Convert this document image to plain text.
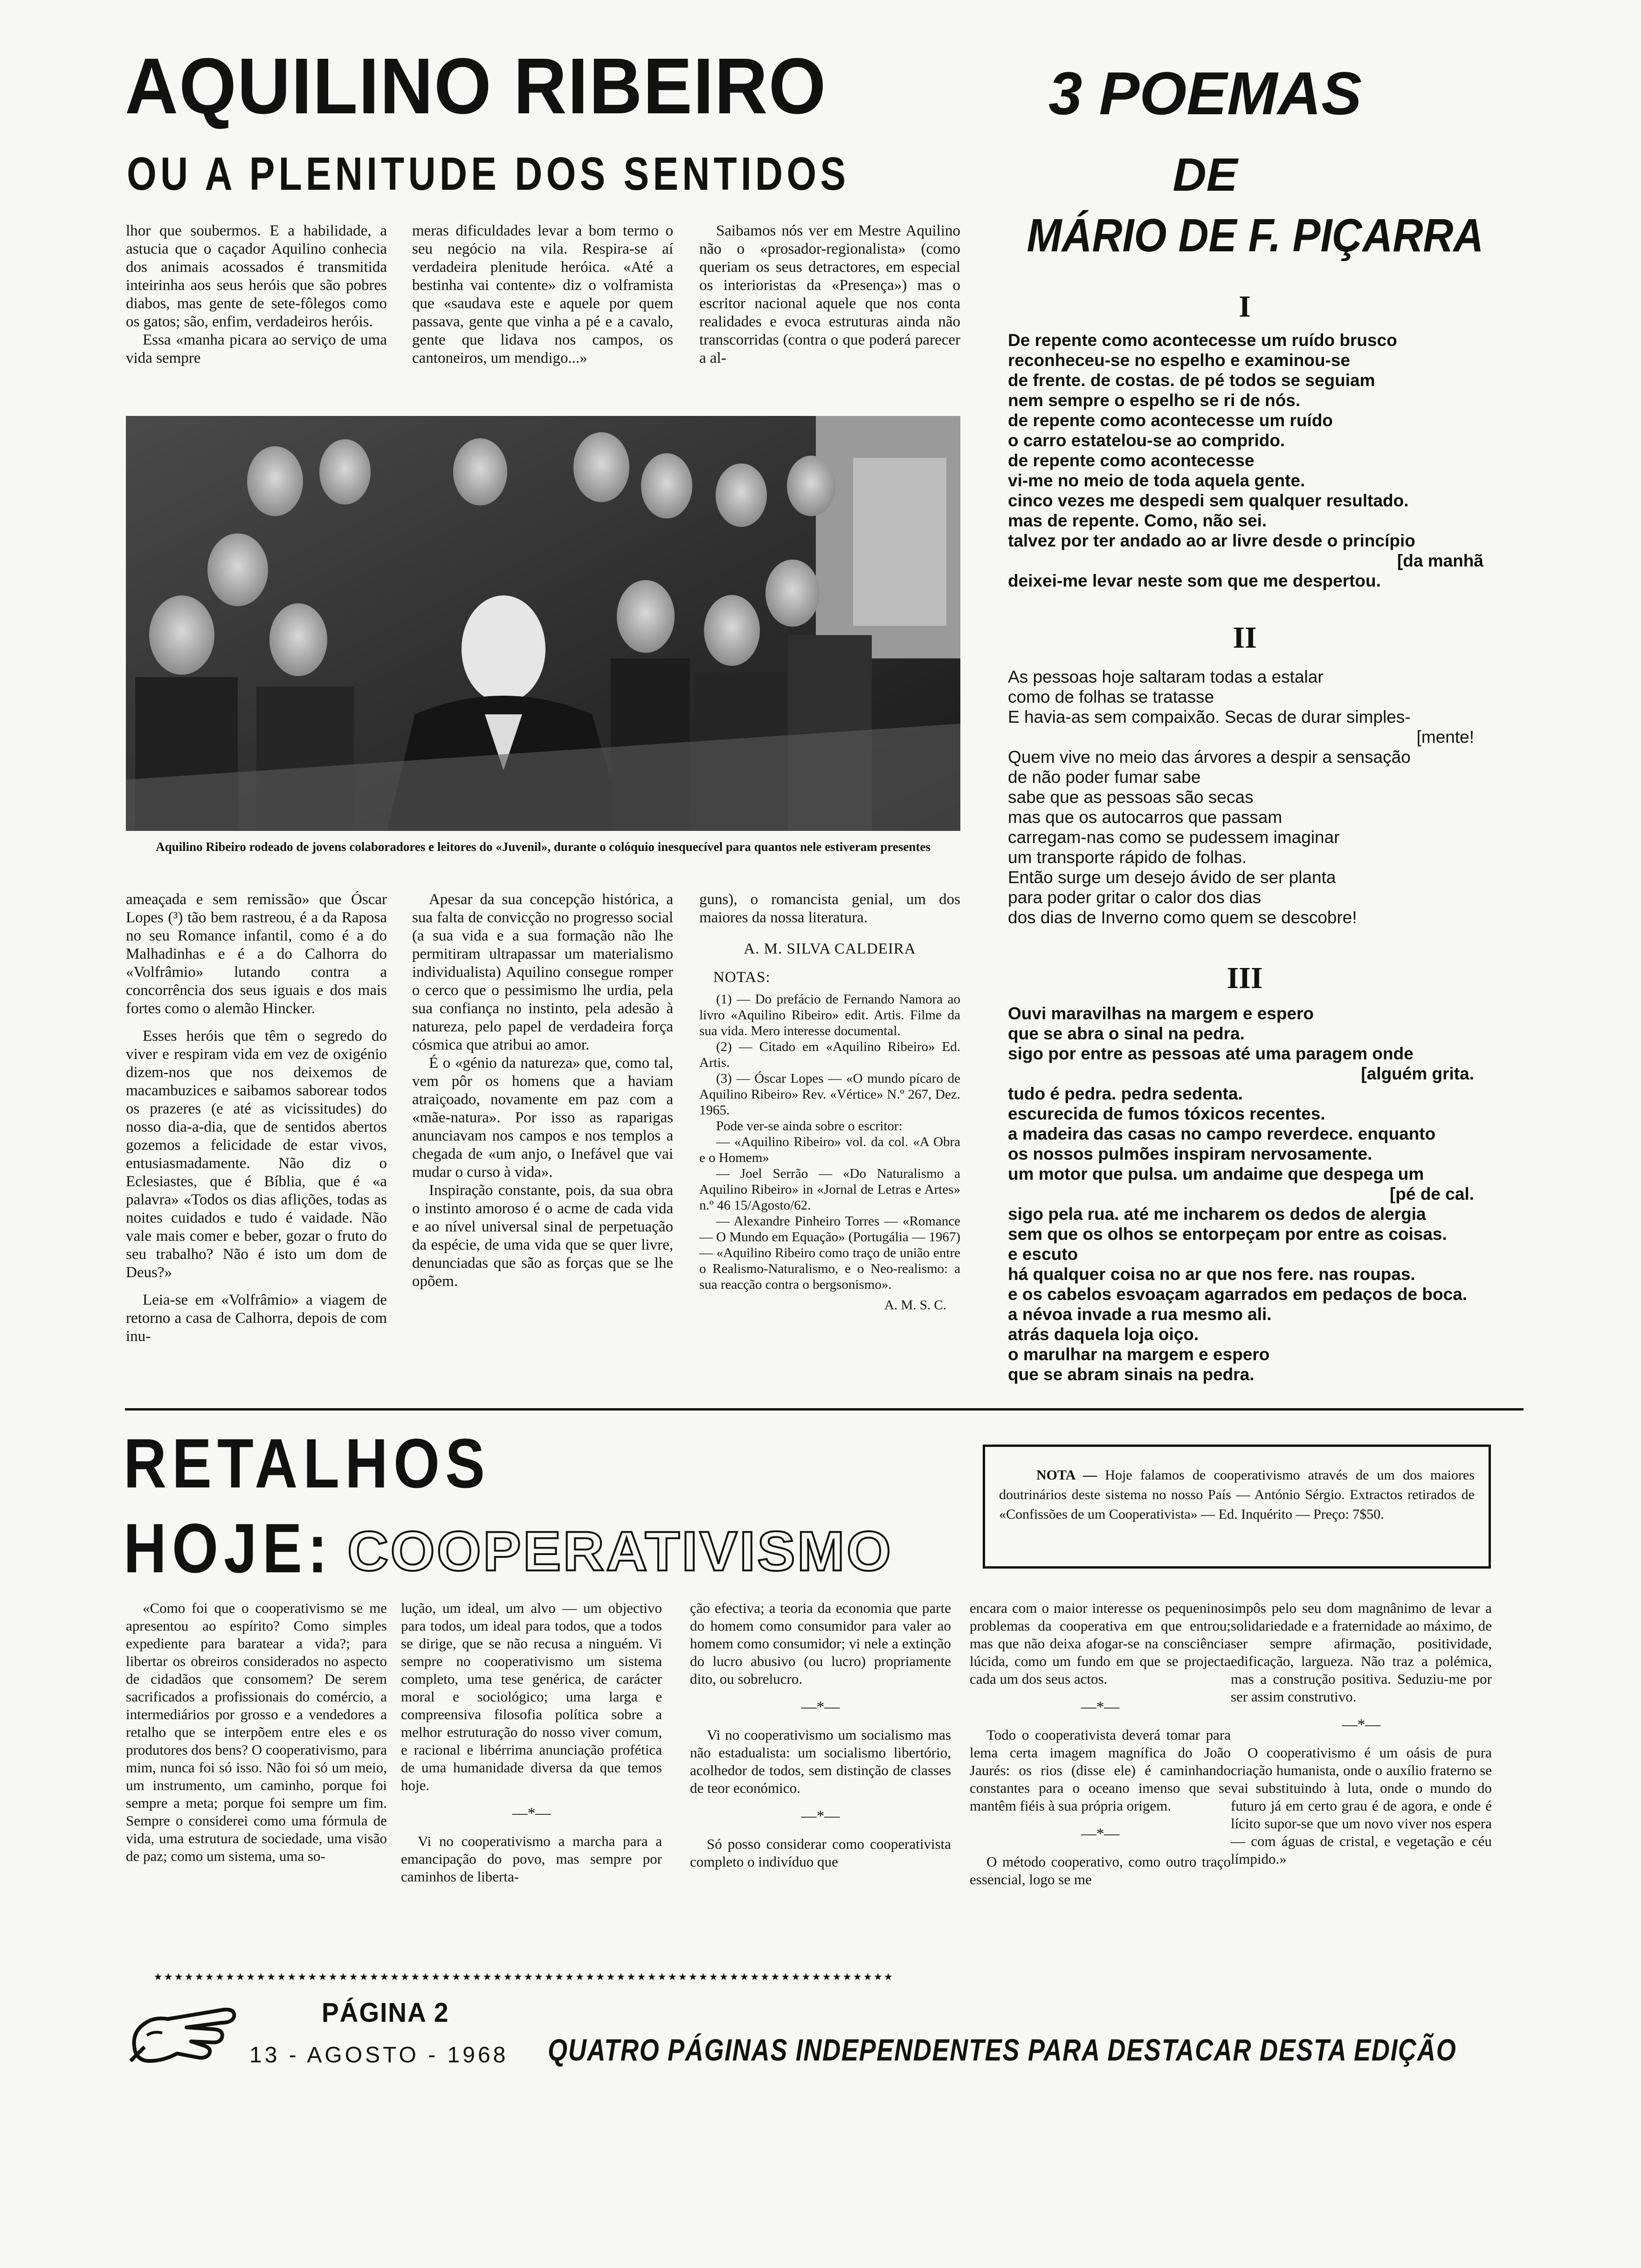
AQUILINO RIBEIRO
OU A PLENITUDE DOS SENTIDOS

lhor que soubermos. E a habilidade, a astucia que o caçador Aquilino conhecia dos animais acossados é transmitida inteirinha aos seus heróis que são pobres diabos, mas gente de sete-fôlegos como os gatos; são, enfim, verdadeiros heróis.

Essa «manha picara ao serviço de uma vida sempre

meras dificuldades levar a bom termo o seu negócio na vila. Respira-se aí verdadeira plenitude heróica. «Até a bestinha vai contente» diz o volframista que «saudava este e aquele por quem passava, gente que vinha a pé e a cavalo, gente que lidava nos campos, os cantoneiros, um mendigo...»

Saibamos nós ver em Mestre Aquilino não o «prosador-regionalista» (como queriam os seus detractores, em especial os interioristas da «Presença») mas o escritor nacional aquele que nos conta realidades e evoca estruturas ainda não transcorridas (contra o que poderá parecer a al-

Aquilino Ribeiro rodeado de jovens colaboradores e leitores do «Juvenil», durante o colóquio inesquecível para quantos nele estiveram presentes

ameaçada e sem remissão» que Óscar Lopes (³) tão bem rastreou, é a da Raposa no seu Romance infantil, como é a do Malhadinhas e é a do Calhorra do «Volfrâmio» lutando contra a concorrência dos seus iguais e dos mais fortes como o alemão Hincker.

Esses heróis que têm o segredo do viver e respiram vida em vez de oxigénio dizem-nos que nos deixemos de macambuzices e saibamos saborear todos os prazeres (e até as vicissitudes) do nosso dia-a-dia, que de sentidos abertos gozemos a felicidade de estar vivos, entusiasmadamente. Não diz o Eclesiastes, que é Bíblia, que é «a palavra» «Todos os dias aflições, todas as noites cuidados e tudo é vaidade. Não vale mais comer e beber, gozar o fruto do seu trabalho? Não é isto um dom de Deus?»

Leia-se em «Volfrâmio» a viagem de retorno a casa de Calhorra, depois de com inu-

Apesar da sua concepção histórica, a sua falta de convicção no progresso social (a sua vida e a sua formação não lhe permitiram ultrapassar um materialismo individualista) Aquilino consegue romper o cerco que o pessimismo lhe urdia, pela sua confiança no instinto, pela adesão à natureza, pelo papel de verdadeira força cósmica que atribui ao amor.

É o «génio da natureza» que, como tal, vem pôr os homens que a haviam atraiçoado, novamente em paz com a «mãe-natura». Por isso as raparigas anunciavam nos campos e nos templos a chegada de «um anjo, o Inefável que vai mudar o curso à vida».

Inspiração constante, pois, da sua obra o instinto amoroso é o acme de cada vida e ao nível universal sinal de perpetuação da espécie, de uma vida que se quer livre, denunciadas que são as forças que se lhe opõem.

guns), o romancista genial, um dos maiores da nossa literatura.

A. M. SILVA CALDEIRA
NOTAS:

(1) — Do prefácio de Fernando Namora ao livro «Aquilino Ribeiro» edit. Artis. Filme da sua vida. Mero interesse documental.

(2) — Citado em «Aquilino Ribeiro» Ed. Artis.

(3) — Óscar Lopes — «O mundo pícaro de Aquilino Ribeiro» Rev. «Vértice» N.º 267, Dez. 1965.

Pode ver-se ainda sobre o escritor:

— «Aquilino Ribeiro» vol. da col. «A Obra e o Homem»

— Joel Serrão — «Do Naturalismo a Aquilino Ribeiro» in «Jornal de Letras e Artes» n.º 46 15/Agosto/62.

— Alexandre Pinheiro Torres — «Romance — O Mundo em Equação» (Portugália — 1967) — «Aquilino Ribeiro como traço de união entre o Realismo-Naturalismo, e o Neo-realismo: a sua reacção contra o bergsonismo».

A. M. S. C.
3 POEMAS
DE
MÁRIO DE F. PIÇARRA
I
De repente como acontecesse um ruído brusco
reconheceu-se no espelho e examinou-se
de frente. de costas. de pé todos se seguiam
nem sempre o espelho se ri de nós.
de repente como acontecesse um ruído
o carro estatelou-se ao comprido.
de repente como acontecesse
vi-me no meio de toda aquela gente.
cinco vezes me despedi sem qualquer resultado.
mas de repente. Como, não sei.
talvez por ter andado ao ar livre desde o princípio
[da manhã
deixei-me levar neste som que me despertou.
II
As pessoas hoje saltaram todas a estalar
como de folhas se tratasse
E havia-as sem compaixão. Secas de durar simples-
[mente!
Quem vive no meio das árvores a despir a sensação
de não poder fumar sabe
sabe que as pessoas são secas
mas que os autocarros que passam
carregam-nas como se pudessem imaginar
um transporte rápido de folhas.
Então surge um desejo ávido de ser planta
para poder gritar o calor dos dias
dos dias de Inverno como quem se descobre!
III
Ouvi maravilhas na margem e espero
que se abra o sinal na pedra.
sigo por entre as pessoas até uma paragem onde
[alguém grita.
tudo é pedra. pedra sedenta.
escurecida de fumos tóxicos recentes.
a madeira das casas no campo reverdece. enquanto
os nossos pulmões inspiram nervosamente.
um motor que pulsa. um andaime que despega um
[pé de cal.
sigo pela rua. até me incharem os dedos de alergia
sem que os olhos se entorpeçam por entre as coisas.
e escuto
há qualquer coisa no ar que nos fere. nas roupas.
e os cabelos esvoaçam agarrados em pedaços de boca.
a névoa invade a rua mesmo ali.
atrás daquela loja oiço.
o marulhar na margem e espero
que se abram sinais na pedra.
RETALHOS
HOJE: COOPERATIVISMO
NOTA — Hoje falamos de cooperativismo através de um dos maiores doutrinários deste sistema no nosso País — António Sérgio. Extractos retirados de «Confissões de um Cooperativista» — Ed. Inquérito — Preço: 7$50.

«Como foi que o cooperativismo se me apresentou ao espírito? Como simples expediente para baratear a vida?; para libertar os obreiros considerados no aspecto de cidadãos que consomem? De serem sacrificados a profissionais do comércio, a intermediários por grosso e a vendedores a retalho que se interpõem entre eles e os produtores dos bens? O cooperativismo, para mim, nunca foi só isso. Não foi só um meio, um instrumento, um caminho, porque foi sempre a meta; porque foi sempre um fim. Sempre o considerei como uma fórmula de vida, uma estrutura de sociedade, uma visão de paz; como um sistema, uma so-

lução, um ideal, um alvo — um objectivo para todos, um ideal para todos, que a todos se dirige, que se não recusa a ninguém. Vi sempre no cooperativismo um sistema completo, uma tese genérica, de carácter moral e sociológico; uma larga e compreensiva filosofia política sobre a melhor estruturação do nosso viver comum, e racional e libérrima anunciação profética de uma humanidade diversa da que temos hoje.

—*—

Vi no cooperativismo a marcha para a emancipação do povo, mas sempre por caminhos de liberta-

ção efectiva; a teoria da economia que parte do homem como consumidor para valer ao homem como consumidor; vi nele a extinção do lucro abusivo (ou lucro) propriamente dito, ou sobrelucro.

—*—

Vi no cooperativismo um socialismo mas não estadualista: um socialismo libertório, acolhedor de todos, sem distinção de classes de teor económico.

—*—

Só posso considerar como cooperativista completo o indivíduo que

encara com o maior interesse os pequeninos problemas da cooperativa em que entrou; mas que não deixa afogar-se na consciência lúcida, como um fundo em que se projecta cada um dos seus actos.

—*—

Todo o cooperativista deverá tomar para lema certa imagem magnífica do João Jaurés: os rios (disse ele) é caminhando constantes para o oceano imenso que se mantêm fiéis à sua própria origem.

—*—

O método cooperativo, como outro traço essencial, logo se me

impôs pelo seu dom magnânimo de levar a solidariedade e a fraternidade ao máximo, de ser sempre afirmação, positividade, edificação, largueza. Não traz a polémica, mas a construção positiva. Seduziu-me por ser assim construtivo.

—*—

O cooperativismo é um oásis de pura criação humanista, onde o auxílio fraterno se vai substituindo à luta, onde o mundo do futuro já em certo grau é de agora, e onde é lícito supor-se que um novo viver nos espera — com águas de cristal, e vegetação e céu límpido.»

★★★★★★★★★★★★★★★★★★★★★★★★★★★★★★★★★★★★★★★★★★★★★★★★★★★★★★★★★★★★★★★★★★★★★★★★
PÁGINA 2
13 - AGOSTO - 1968 QUATRO PÁGINAS INDEPENDENTES PARA DESTACAR DESTA EDIÇÃO
